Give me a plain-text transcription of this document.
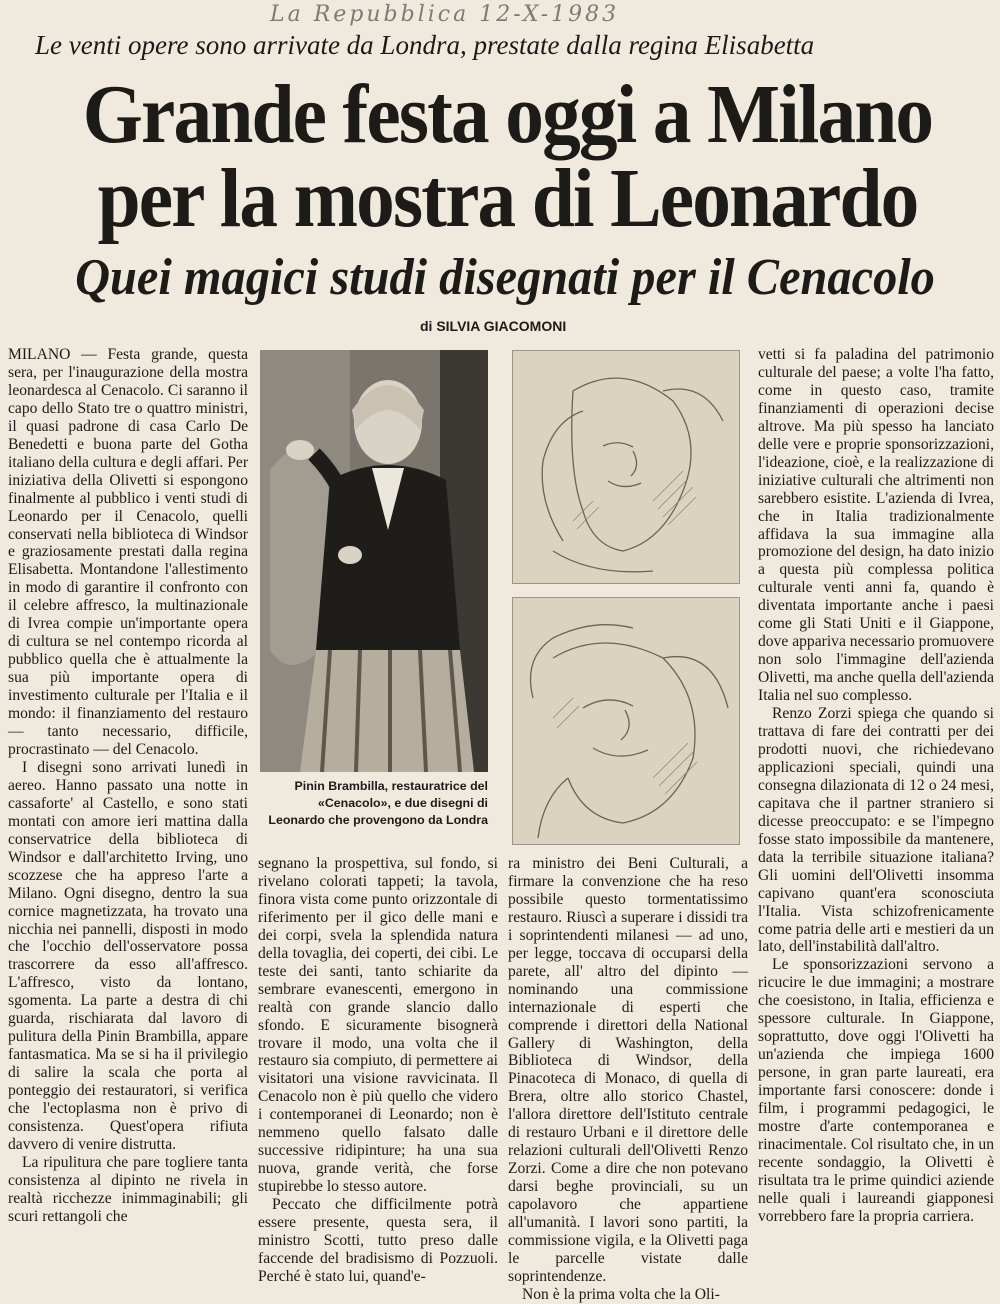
La Repubblica 12-X-1983
Le venti opere sono arrivate da Londra, prestate dalla regina Elisabetta
Grande festa oggi a Milano
per la mostra di Leonardo
Quei magici studi disegnati per il Cenacolo
di SILVIA GIACOMONI

MILANO — Festa grande, questa sera, per l'inaugurazione della mostra leonardesca al Cenacolo. Ci saranno il capo dello Stato tre o quattro ministri, il quasi padrone di casa Carlo De Benedetti e buona parte del Gotha italiano della cultura e degli affari. Per iniziativa della Olivetti si espongono finalmente al pubblico i venti studi di Leonardo per il Cenacolo, quelli conservati nella biblioteca di Windsor e graziosamente prestati dalla regina Elisabetta. Montandone l'allestimento in modo di garantire il confronto con il celebre affresco, la multinazionale di Ivrea compie un'importante opera di cultura se nel contempo ricorda al pubblico quella che è attualmente la sua più importante opera di investimento culturale per l'Italia e il mondo: il finanziamento del restauro — tanto necessario, difficile, procrastinato — del Cenacolo.

I disegni sono arrivati lunedì in aereo. Hanno passato una notte in cassaforte' al Castello, e sono stati montati con amore ieri mattina dalla conservatrice della biblioteca di Windsor e dall'architetto Irving, uno scozzese che ha appreso l'arte a Milano. Ogni disegno, dentro la sua cornice magnetizzata, ha trovato una nicchia nei pannelli, disposti in modo che l'occhio dell'osservatore possa trascorrere da esso all'affresco. L'affresco, visto da lontano, sgomenta. La parte a destra di chi guarda, rischiarata dal lavoro di pulitura della Pinin Brambilla, appare fantasmatica. Ma se si ha il privilegio di salire la scala che porta al ponteggio dei restauratori, si verifica che l'ectoplasma non è privo di consistenza. Quest'opera rifiuta davvero di venire distrutta.

La ripulitura che pare togliere tanta consistenza al dipinto ne rivela in realtà ricchezze inimmaginabili; gli scuri rettangoli che

Pinin Brambilla, restauratrice del «Cenacolo», e due disegni di Leonardo che provengono da Londra

segnano la prospettiva, sul fondo, si rivelano colorati tappeti; la tavola, finora vista come punto orizzontale di riferimento per il gico delle mani e dei corpi, svela la splendida natura della tovaglia, dei coperti, dei cibi. Le teste dei santi, tanto schiarite da sembrare evanescenti, emergono in realtà con grande slancio dallo sfondo. E sicuramente bisognerà trovare il modo, una volta che il restauro sia compiuto, di permettere ai visitatori una visione ravvicinata. Il Cenacolo non è più quello che videro i contemporanei di Leonardo; non è nemmeno quello falsato dalle successive ridipinture; ha una sua nuova, grande verità, che forse stupirebbe lo stesso autore.

Peccato che difficilmente potrà essere presente, questa sera, il ministro Scotti, tutto preso dalle faccende del bradisismo di Pozzuoli. Perché è stato lui, quand'e-

ra ministro dei Beni Culturali, a firmare la convenzione che ha reso possibile questo tormentatissimo restauro. Riuscì a superare i dissidi tra i soprintendenti milanesi — ad uno, per legge, toccava di occuparsi della parete, all' altro del dipinto — nominando una commissione internazionale di esperti che comprende i direttori della National Gallery di Washington, della Biblioteca di Windsor, della Pinacoteca di Monaco, di quella di Brera, oltre allo storico Chastel, l'allora direttore dell'Istituto centrale di restauro Urbani e il direttore delle relazioni culturali dell'Olivetti Renzo Zorzi. Come a dire che non potevano darsi beghe provinciali, su un capolavoro che appartiene all'umanità. I lavori sono partiti, la commissione vigila, e la Olivetti paga le parcelle vistate dalle soprintendenze.

Non è la prima volta che la Oli-

vetti si fa paladina del patrimonio culturale del paese; a volte l'ha fatto, come in questo caso, tramite finanziamenti di operazioni decise altrove. Ma più spesso ha lanciato delle vere e proprie sponsorizzazioni, l'ideazione, cioè, e la realizzazione di iniziative culturali che altrimenti non sarebbero esistite. L'azienda di Ivrea, che in Italia tradizionalmente affidava la sua immagine alla promozione del design, ha dato inizio a questa più complessa politica culturale venti anni fa, quando è diventata importante anche i paesi come gli Stati Uniti e il Giappone, dove appariva necessario promuovere non solo l'immagine dell'azienda Olivetti, ma anche quella dell'azienda Italia nel suo complesso.

Renzo Zorzi spiega che quando si trattava di fare dei contratti per dei prodotti nuovi, che richiedevano applicazioni speciali, quindi una consegna dilazionata di 12 o 24 mesi, capitava che il partner straniero si dicesse preoccupato: e se l'impegno fosse stato impossibile da mantenere, data la terribile situazione italiana? Gli uomini dell'Olivetti insomma capivano quant'era sconosciuta l'Italia. Vista schizofrenicamente come patria delle arti e mestieri da un lato, dell'instabilità dall'altro.

Le sponsorizzazioni servono a ricucire le due immagini; a mostrare che coesistono, in Italia, efficienza e spessore culturale. In Giappone, soprattutto, dove oggi l'Olivetti ha un'azienda che impiega 1600 persone, in gran parte laureati, era importante farsi conoscere: donde i film, i programmi pedagogici, le mostre d'arte contemporanea e rinacimentale. Col risultato che, in un recente sondaggio, la Olivetti è risultata tra le prime quindici aziende nelle quali i laureandi giapponesi vorrebbero fare la propria carriera.
